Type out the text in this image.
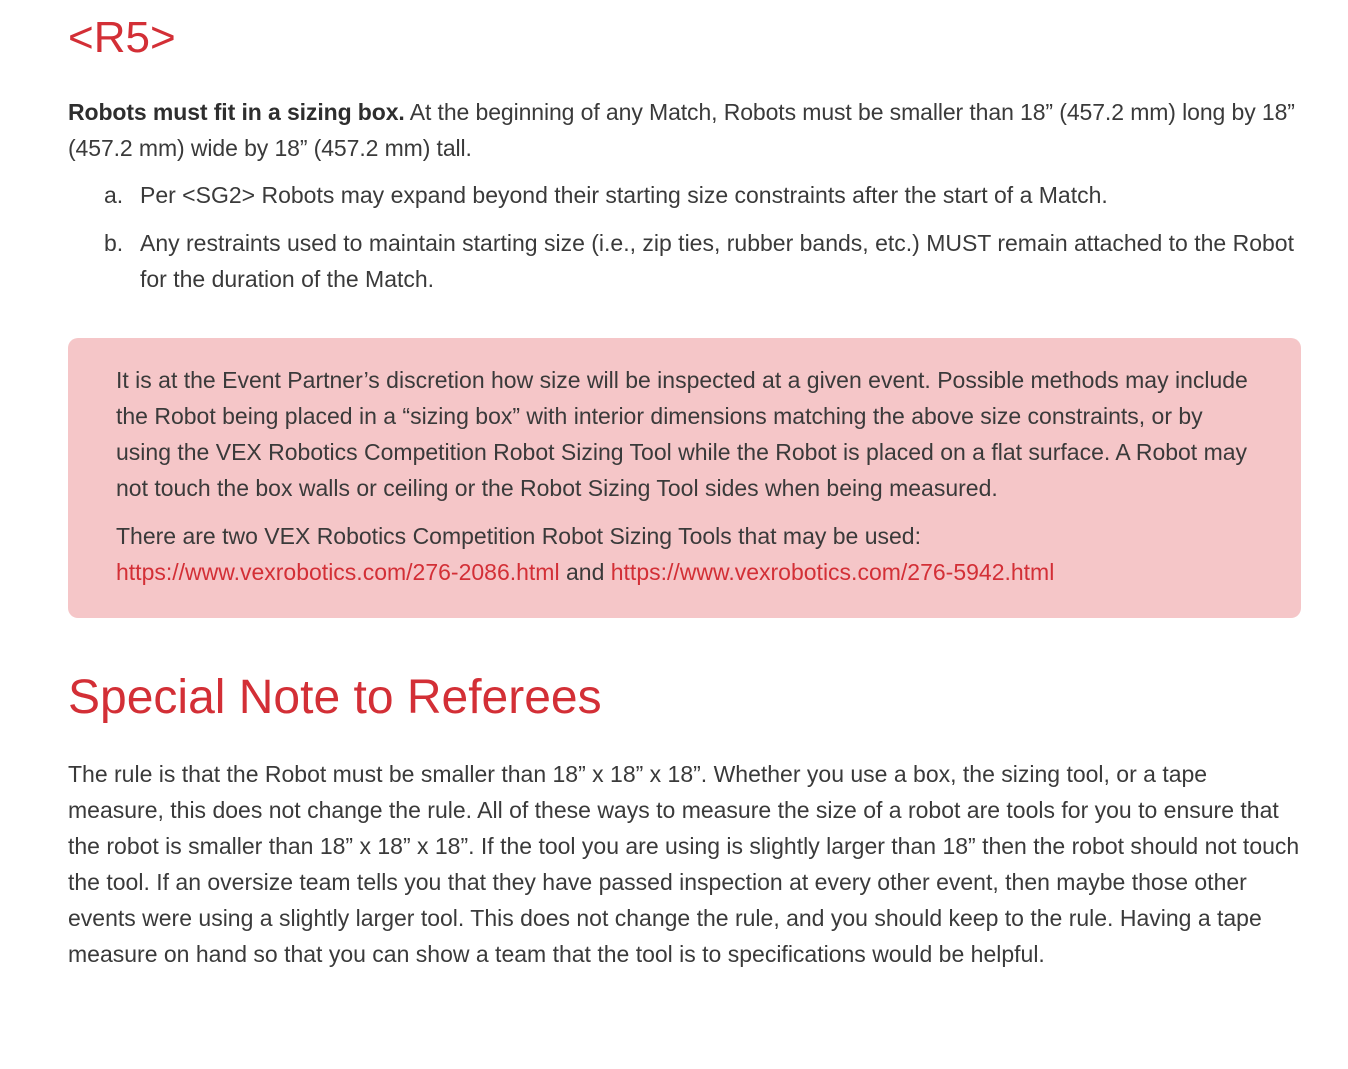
<R5>

Robots must fit in a sizing box. At the beginning of any Match, Robots must be smaller than 18” (457.2 mm) long by 18” (457.2 mm) wide by 18” (457.2 mm) tall.

a. Per <SG2> Robots may expand beyond their starting size constraints after the start of a Match.
b. Any restraints used to maintain starting size (i.e., zip ties, rubber bands, etc.) MUST remain attached to the Robot for the duration of the Match.

It is at the Event Partner’s discretion how size will be inspected at a given event. Possible methods may include the Robot being placed in a “sizing box” with interior dimensions matching the above size constraints, or by using the VEX Robotics Competition Robot Sizing Tool while the Robot is placed on a flat surface. A Robot may not touch the box walls or ceiling or the Robot Sizing Tool sides when being measured.

There are two VEX Robotics Competition Robot Sizing Tools that may be used: https://www.vexrobotics.com/276-2086.html and https://www.vexrobotics.com/276-5942.html

Special Note to Referees

The rule is that the Robot must be smaller than 18” x 18” x 18”. Whether you use a box, the sizing tool, or a tape measure, this does not change the rule. All of these ways to measure the size of a robot are tools for you to ensure that the robot is smaller than 18” x 18” x 18”. If the tool you are using is slightly larger than 18” then the robot should not touch the tool. If an oversize team tells you that they have passed inspection at every other event, then maybe those other events were using a slightly larger tool. This does not change the rule, and you should keep to the rule. Having a tape measure on hand so that you can show a team that the tool is to specifications would be helpful.
